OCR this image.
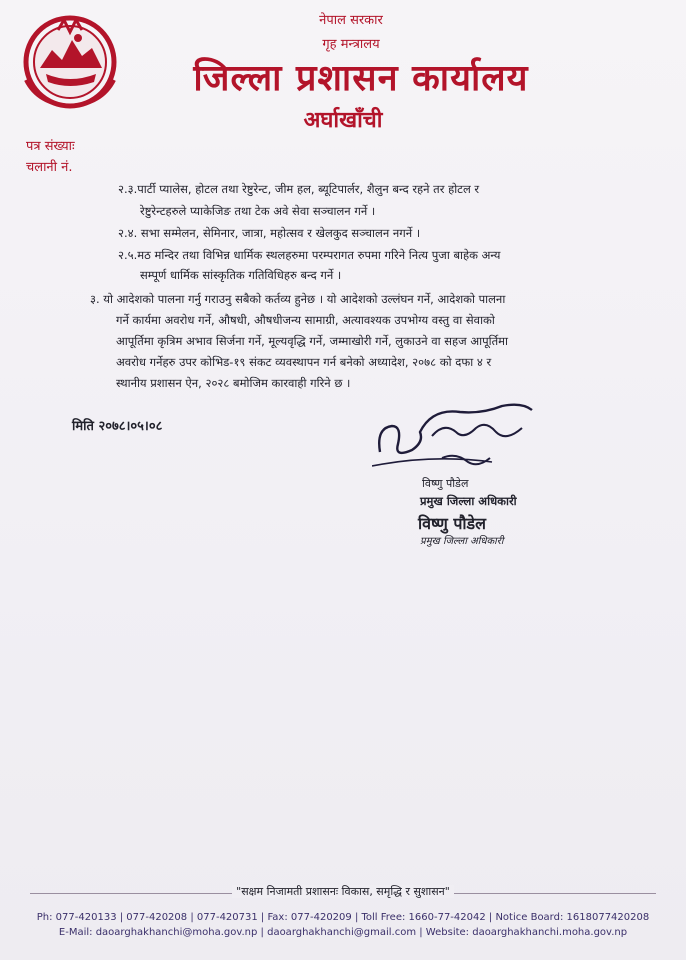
नेपाल सरकार
गृह मन्त्रालय
जिल्ला प्रशासन कार्यालय
अर्घाखाँची
पत्र संख्याः
चलानी नं.
२.३.पार्टी प्यालेस, होटल तथा रेष्टुरेन्ट, जीम हल, ब्यूटिपार्लर, शैलुन बन्द रहने तर होटल र
रेष्टुरेन्टहरुले प्याकेजिङ तथा टेक अवे सेवा सञ्चालन गर्ने ।
२.४. सभा सम्मेलन, सेमिनार, जात्रा, महोत्सव र खेलकुद सञ्चालन नगर्ने ।
२.५.मठ मन्दिर तथा विभिन्न धार्मिक स्थलहरुमा परम्परागत रुपमा गरिने नित्य पुजा बाहेक अन्य
सम्पूर्ण धार्मिक सांस्कृतिक गतिविधिहरु बन्द गर्ने ।
३. यो आदेशको पालना गर्नु गराउनु सबैको कर्तव्य हुनेछ । यो आदेशको उल्लंघन गर्ने, आदेशको पालना
गर्ने कार्यमा अवरोध गर्ने, औषधी, औषधीजन्य सामाग्री, अत्यावश्यक उपभोग्य वस्तु वा सेवाको
आपूर्तिमा कृत्रिम अभाव सिर्जना गर्ने, मूल्यवृद्धि गर्ने, जम्माखोरी गर्ने, लुकाउने वा सहज आपूर्तिमा
अवरोध गर्नेहरु उपर कोभिड-१९ संकट व्यवस्थापन गर्न बनेको अध्यादेश, २०७८ को दफा ४ र
स्थानीय प्रशासन ऐन, २०२८ बमोजिम कारवाही गरिने छ ।
मिति २०७८।०५।०८
विष्णु पौडेल
प्रमुख जिल्ला अधिकारी
विष्णु पौडेल
प्रमुख जिल्ला अधिकारी
"सक्षम निजामती प्रशासनः विकास, समृद्धि र सुशासन"
Ph: 077-420133 | 077-420208 | 077-420731 | Fax: 077-420209 | Toll Free: 1660-77-42042 | Notice Board: 1618077420208
E-Mail: daoarghakhanchi@moha.gov.np | daoarghakhanchi@gmail.com | Website: daoarghakhanchi.moha.gov.np
